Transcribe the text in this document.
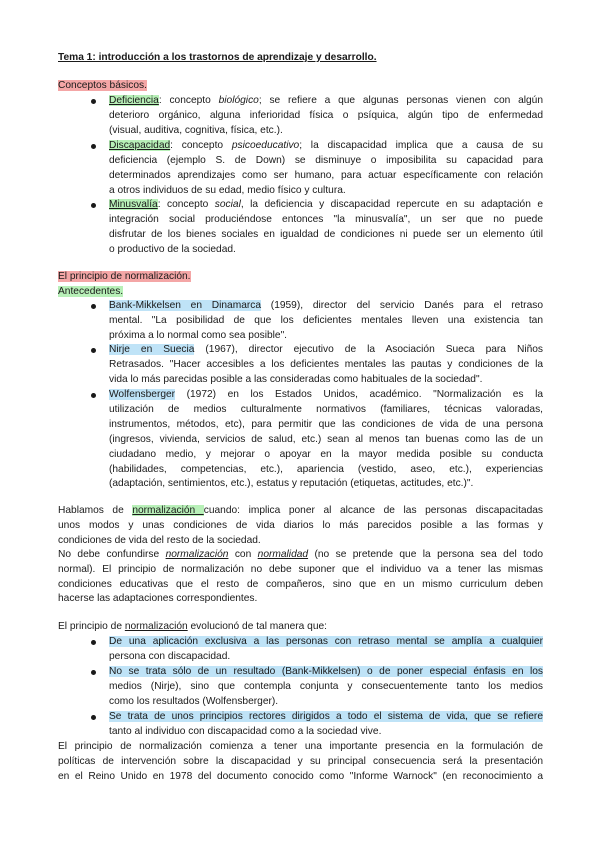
Tema 1: introducción a los trastornos de aprendizaje y desarrollo.
Conceptos básicos.
Deficiencia: concepto biológico; se refiere a que algunas personas vienen con algún
deterioro orgánico, alguna inferioridad física o psíquica, algún tipo de enfermedad
(visual, auditiva, cognitiva, física, etc.).
Discapacidad: concepto psicoeducativo; la discapacidad implica que a causa de su
deficiencia (ejemplo S. de Down) se disminuye o imposibilita su capacidad para
determinados aprendizajes como ser humano, para actuar específicamente con relación
a otros individuos de su edad, medio físico y cultura.
Minusvalía: concepto social, la deficiencia y discapacidad repercute en su adaptación e
integración social produciéndose entonces "la minusvalía", un ser que no puede
disfrutar de los bienes sociales en igualdad de condiciones ni puede ser un elemento útil
o productivo de la sociedad.
El principio de normalización.
Antecedentes.
Bank-Mikkelsen en Dinamarca (1959), director del servicio Danés para el retraso
mental. "La posibilidad de que los deficientes mentales lleven una existencia tan
próxima a lo normal como sea posible".
Nirje en Suecia (1967), director ejecutivo de la Asociación Sueca para Niños
Retrasados. "Hacer accesibles a los deficientes mentales las pautas y condiciones de la
vida lo más parecidas posible a las consideradas como habituales de la sociedad".
Wolfensberger (1972) en los Estados Unidos, académico. "Normalización es la
utilización de medios culturalmente normativos (familiares, técnicas valoradas,
instrumentos, métodos, etc), para permitir que las condiciones de vida de una persona
(ingresos, vivienda, servicios de salud, etc.) sean al menos tan buenas como las de un
ciudadano medio, y mejorar o apoyar en la mayor medida posible su conducta
(habilidades, competencias, etc.), apariencia (vestido, aseo, etc.), experiencias
(adaptación, sentimientos, etc.), estatus y reputación (etiquetas, actitudes, etc.)".
Hablamos de normalización cuando: implica poner al alcance de las personas discapacitadas
unos modos y unas condiciones de vida diarios lo más parecidos posible a las formas y
condiciones de vida del resto de la sociedad.
No debe confundirse normalización con normalidad (no se pretende que la persona sea del todo
normal). El principio de normalización no debe suponer que el individuo va a tener las mismas
condiciones educativas que el resto de compañeros, sino que en un mismo curriculum deben
hacerse las adaptaciones correspondientes.
El principio de normalización evolucionó de tal manera que:
De una aplicación exclusiva a las personas con retraso mental se amplía a cualquier
persona con discapacidad.
No se trata sólo de un resultado (Bank-Mikkelsen) o de poner especial énfasis en los
medios (Nirje), sino que contempla conjunta y consecuentemente tanto los medios
como los resultados (Wolfensberger).
Se trata de unos principios rectores dirigidos a todo el sistema de vida, que se refiere
tanto al individuo con discapacidad como a la sociedad vive.
El principio de normalización comienza a tener una importante presencia en la formulación de
políticas de intervención sobre la discapacidad y su principal consecuencia será la presentación
en el Reino Unido en 1978 del documento conocido como "Informe Warnock" (en reconocimiento a
